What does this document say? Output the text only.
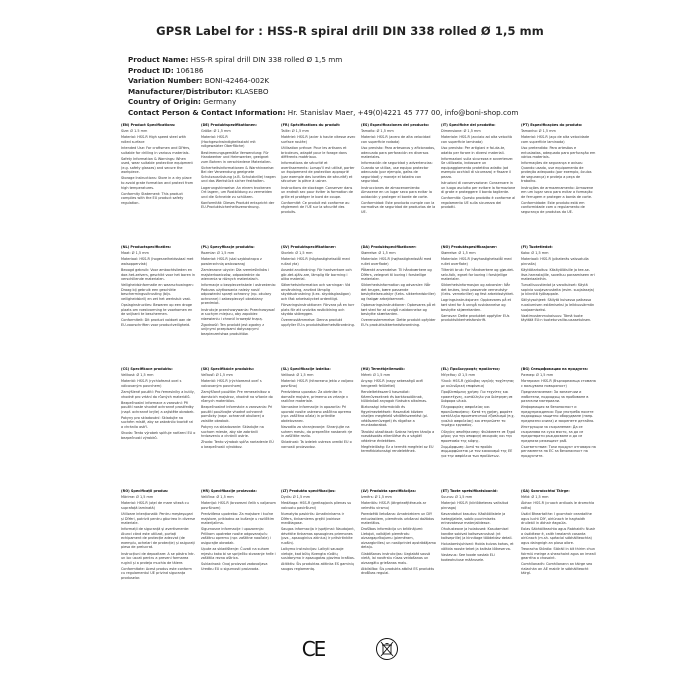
GPSR Label for : HSS-R spiral drill DIN 338 rolled Ø 1,5 mm
Product Name: HSS-R spiral drill DIN 338 rolled Ø 1,5 mm
Product ID: 106186
Variation Number: BONI-42464-002K
Manufacturer/Distributor: KLASEBO
Country of Origin: Germany
Contact Person & Contact Information: Hr. Stanislav Maer, +49(0)4221 45 777 00, info@boni-shop.com

(EN) Product Specifications:

Size: Ø 1.5 mm

Material: HSS-R High speed steel with rolled surface

Intended Use: For craftsmen and DIYers, suitable for drilling in various materials.

Safety Information & Warnings: When used, wear suitable protective equipment (e.g. safety glasses) and secure the workpiece.

Storage Instructions: Store in a dry place to avoid grate formation and protect from high temperatures.

Conformity Statement: This product complies with the EU product safety regulation.

(DE) Produktspezifikationen:

Größe: Ø 1,5 mm

Material: HSS-R (Hochgeschwindigkeitsstahl mit rollgewalzter Oberfläche)

Bestimmungsgemäße Verwendung: Für Handwerker und Heimwerker, geeignet zum Bohren in verschiedene Materialien.

Sicherheitsinformationen & Warnhinweise: Bei der Verwendung geeignete Schutzausrüstung (z.B. Schutzbrille) tragen und das Werkstück sicher festhalten.

Lagerungshinweise: An einem trockenen Ort lagern, um Rostbildung zu vermeiden und die Schneide zu schützen.

Konformität: Dieses Produkt entspricht der EU-Produktsicherheitsverordnung.

(FR) Spécifications du produit:

Taille: Ø 1,5 mm

Matériel: HSS-R (acier à haute vitesse avec surface roulée)

Utilisation prévue: Pour les artisans et bricoleurs, adapté pour le forage dans différents matériaux.

Informations de sécurité et avertissements: Lorsqu'il est utilisé, porter un équipement de protection approprié (par exemple des lunettes de sécurité) et sécuriser la pièce à usiner.

Instructions de stockage: Conserver dans un endroit sec pour éviter la formation de grille et protéger le bord de coupe.

Conformité: Ce produit est conforme au règlement de l'UE sur la sécurité des produits.

(ES) Especificaciones del producto:

Tamaño: Ø 1,5 mm

Material: HSS-R (acero de alta velocidad con superficie rodada)

Uso previsto: Para artesanos y aficionados, adecuado para perforación en diversos materiales.

Información de seguridad y advertencias: Cuando se utiliza, use equipo protector adecuado (por ejemplo, gafas de seguridad) y maneje el taladro con seguridad.

Instrucciones de almacenamiento: Almacene en un lugar seco para evitar la oxidación y proteger el borde de corte.

Conformidad: Este producto cumple con la normativa de seguridad de productos de la UE.

(IT) Specifiche del prodotto:

Dimensione: Ø 1,5 mm

Materiale: HSS-R (acciaio ad alta velocità con superficie laminata)

Uso previsto: Per artigiani e fai-da-te, adatto per forare in diversi materiali.

Informazioni sulla sicurezza e avvertenze: Se utilizzato, indossare un equipaggiamento protettivo adatto (ad esempio occhiali di sicurezza) e fissare il pezzo.

Istruzioni di conservazione: Conservare in un luogo asciutto per evitare la formazione di grate e proteggere il bordo tagliente.

Conformità: Questo prodotto è conforme al regolamento UE sulla sicurezza dei prodotti.

(PT) Especificações do produto:

Tamanho: Ø 1,5 mm

Material: HSS-R (aço de alta velocidade com superfície laminada)

Uso pretendido: Para artesãos e entusiastas, adequado para perfuração em vários materiais.

Informações de segurança e avisos: Quando usado, use equipamento de proteção adequado (por exemplo, óculos de segurança) e proteja a peça de trabalho.

Instruções de armazenamento: Armazene em um lugar seco para evitar a formação de ferrugem e proteger a borda de corte.

Conformidade: Este produto está em conformidade com o regulamento de segurança de produtos da UE.

(NL) Productspecificaties:

Maat: Ø 1,5 mm

Materiaal: HSS-R (hogesnelheidsstaal met walsoppervlak)

Beoogd gebruik: Voor ambachtslieden en doe-het-zelvers, geschikt voor het boren in verschillende materialen.

Veiligheidsinformatie en waarschuwingen: Draag bij gebruik een geschikte beschermingsuitrusting (bijv. veiligheidsbril) en zet het werkstuk vast.

Opslaginstructies: Bewaren op een droge plaats om roestvorming te voorkomen en de snijkant te beschermen.

Conformiteit: Dit product voldoet aan de EU-voorschriften voor productveiligheid.

(PL) Specyfikacje produktu:

Rozmiar: Ø 1,5 mm

Materiał: HSS-R (stal szybkotnąca z powierzchnią walcowaną)

Zamierzone użycie: Dla rzemieślników i majsterkowiczów, odpowiednie do wiercenia w różnych materiałach.

Informacje o bezpieczeństwie i ostrzeżenia: Podczas użytkowania należy nosić odpowiedni sprzęt ochronny (np. okulary ochronne) i zabezpieczyć obrabiany przedmiot.

Instrukcje przechowywania: Przechowywać w suchym miejscu, aby zapobiec rdzewieniu i chronić krawędź tnącą.

Zgodność: Ten produkt jest zgodny z unijnymi przepisami dotyczącymi bezpieczeństwa produktów.

(SV) Produktspecifikationer:

Storlek: Ø 1,5 mm

Material: HSS-R (höghastighetsstål med rullad yta)

Avsedd användning: För hantverkare och gör-det-själv-are, lämplig för borrning i olika material.

Säkerhetsinformation och varningar: Vid användning, använd lämplig skyddsutrustning (t.ex. skyddsglasögon) och fäst arbetsstycket ordentligt.

Förvaringsinstruktioner: Förvara på en torr plats för att undvika rostbildning och skydda skäreggen.

Överensstämmelse: Denna produkt uppfyller EU:s produktsäkerhetsförordning.

(DA) Produktspecifikationer:

Størrelse: Ø 1,5 mm

Materiale: HSS-R (højhastighedsstål med rullet overflade)

Påtænkt anvendelse: Til håndværkere og DIYers, velegnet til boring i forskellige materialer.

Sikkerhedsinformation og advarsler: Når det bruges, bære passende beskyttelsesudstyr (f.eks. sikkerhedsbriller) og fastgør arbejdsemnet.

Opbevaringsinstruktioner: Opbevares på et tørt sted for at undgå rustdannelse og beskytte skærkanten.

Overensstemmelse: Dette produkt opfylder EU's produktsikkerhedsforordning.

(NO) Produktspesifikasjoner:

Størrelse: Ø 1,5 mm

Materiale: HSS-R (høyhastighetsstål med rullet overflate)

Tiltenkt bruk: For håndverkere og gjør-det-selv-folk, egnet for boring i forskjellige materialer.

Sikkerhetsinformasjon og advarsler: Når det brukes, bruk passende verneutstyr (f.eks. vernebriller) og fest arbeidsstykket.

Lagringsinstruksjoner: Oppbevares på et tørt sted for å unngå rustdannelse og beskytte skjærekanten.

Samsvar: Dette produktet oppfyller EUs produktsikkerhetsforskrift.

(FI) Tuotetiedot:

Koko: Ø 1,5 mm

Materiaali: HSS-R (pikateräs valssatulla pinnalla)

Käyttötarkoitus: Käsityöläisille ja tee-se-itse-harrastajille, soveltuu poraamiseen eri materiaaleihin.

Turvallisuustiedot ja varoitukset: Käytä sopivia suojavarusteita (esim. suojalaseja) ja kiinnitä työkappale.

Säilytysohjeet: Säilytä kuivassa paikassa ruostumisen estämiseksi ja leikkuusärmän suojaamiseksi.

Vaatimustenmukaisuus: Tämä tuote täyttää EU:n tuoteturvallisuusasetuksen.

(CS) Specifikace produktu:

Velikost: Ø 1,5 mm

Materiál: HSS-R (rychlořezná ocel s válcovaným povrchem)

Zamýšlené použití: Pro řemeslníky a kutily, vhodné pro vrtání do různých materiálů.

Bezpečnostní informace a varování: Při použití noste vhodné ochranné prostředky (např. ochranné brýle) a zajistěte obrobek.

Pokyny pro skladování: Skladujte na suchém místě, aby se zabránilo tvorbě rzi a chránilo ostří.

Shoda: Tento výrobek splňuje nařízení EU o bezpečnosti výrobků.

(SK) Špecifikácie produktu:

Veľkosť: Ø 1,5 mm

Materiál: HSS-R (rýchlorezná oceľ s valcovaným povrchom)

Zamýšľané použitie: Pre remeselníkov a domácich majstrov, vhodné na vŕtanie do rôznych materiálov.

Bezpečnostné informácie a varovania: Pri použití používajte vhodné ochranné pomôcky (napr. ochranné okuliare) a zaistite obrobok.

Pokyny na skladovanie: Skladujte na suchom mieste, aby ste zabránili hrdzaveniu a chránili ostrie.

Zhoda: Tento výrobok spĺňa nariadenie EÚ o bezpečnosti výrobkov.

(SL) Specifikacije izdelka:

Velikost: Ø 1,5 mm

Material: HSS-R (hitrorezno jeklo z valjano površino)

Predvidena uporaba: Za obrtnike in domače mojstre, primerno za vrtanje v različne materiale.

Varnostne informacije in opozorila: Pri uporabi nosite ustrezno zaščitno opremo (npr. zaščitna očala) in pritrdite obdelovanec.

Navodila za shranjevanje: Shranjujte na suhem mestu, da preprečite nastanek rje in zaščitite rezilo.

Skladnost: Ta izdelek ustreza uredbi EU o varnosti proizvodov.

(HU) Termékjellemzők:

Méret: Ø 1,5 mm

Anyag: HSS-R (nagy sebességű acél hengerelt felülettel)

Rendeltetésszerű használat: Kézműveseknek és barkácsolóknak, különböző anyagok fúrására alkalmas.

Biztonsági információk és figyelmeztetések: Használat közben viseljen megfelelő védőfelszerelést (pl. védőszemüveget) és rögzítse a munkadarabot.

Tárolási utasítások: Száraz helyen tárolja a rozsdásodás elkerülése és a vágóél védelme érdekében.

Megfelelőség: Ez a termék megfelel az EU termékbiztonsági rendeletének.

(EL) Προδιαγραφές προϊόντος:

Μέγεθος: Ø 1,5 mm

Υλικό: HSS-R (χάλυβας υψηλής ταχύτητας με κυλινδρική επιφάνεια)

Προβλεπόμενη χρήση: Για τεχνίτες και ερασιτέχνες, κατάλληλο για διάτρηση σε διάφορα υλικά.

Πληροφορίες ασφαλείας και προειδοποιήσεις: Κατά τη χρήση, φοράτε κατάλληλο προστατευτικό εξοπλισμό (π.χ. γυαλιά ασφαλείας) και στερεώστε το τεμάχιο εργασίας.

Οδηγίες αποθήκευσης: Φυλάσσετε σε ξηρό μέρος για την αποφυγή σκουριάς και την προστασία της κόψης.

Συμμόρφωση: Αυτό το προϊόν συμμορφώνεται με τον κανονισμό της ΕΕ για την ασφάλεια των προϊόντων.

(BG) Спецификации на продукта:

Размер: Ø 1,5 mm

Материал: HSS-R (бързорежеща стомана с валцувана повърхност)

Предназначение: За занаятчии и любители, подходящ за пробиване в различни материали.

Информация за безопасност и предупреждения: При употреба носете подходящо защитно оборудване (напр. предпазни очила) и закрепете детайла.

Инструкции за съхранение: Да се съхранява на сухо място, за да се предотврати ръждясване и да се предпази режещият ръб.

Съответствие: Този продукт отговаря на регламента на ЕС за безопасност на продуктите.

(RO) Specificații produs:

Mărime: Ø 1,5 mm

Material: HSS-R (oțel de mare viteză cu suprafață laminată)

Utilizare intenționată: Pentru meșteșugari și DIYeri, potrivit pentru găurirea în diverse materiale.

Informații de siguranță și avertismente: Atunci când este utilizat, purtați echipament de protecție adecvat (de exemplu, ochelari de protecție) și asigurați piesa de prelucrat.

Instrucțiuni de depozitare: A se păstra într-un loc uscat pentru a preveni formarea ruginii și a proteja muchia de tăiere.

Conformitate: Acest produs este conform cu regulamentul UE privind siguranța produselor.

(HR) Specifikacije proizvoda:

Veličina: Ø 1,5 mm

Materijal: HSS-R (brzorezni čelik s valjanom površinom)

Predviđena upotreba: Za majstore i kućne majstore, prikladno za bušenje u različitim materijalima.

Sigurnosne informacije i upozorenja: Prilikom upotrebe nosite odgovarajuću zaštitnu opremu (npr. zaštitne naočale) i osigurajte obradak.

Upute za skladištenje: Čuvati na suhom mjestu kako bi se spriječilo stvaranje hrđe i zaštitila rezna oštrica.

Sukladnost: Ovaj proizvod zadovoljava Uredbu EU o sigurnosti proizvoda.

(LT) Produkto specifikacijos:

Dydis: Ø 1,5 mm

Medžiaga: HSS-R (greitapjovis plienas su valcuotu paviršiumi)

Numatyta paskirtis: Amatininkams ir DIYers, tinkamiems gręžti įvairiose medžiagose.

Saugos informacija ir įspėjimai: Naudojant, dėvėkite tinkamas apsaugines priemones (pvz., apsauginius akinius) ir pritvirtinkite ruošinį.

Laikymo instrukcijos: Laikyti sausoje vietoje, kad būtų išvengta rūdžių susidarymo ir apsaugotas pjovimo kraštas.

Atitiktis: Šis produktas atitinka ES gaminių saugos reglamentą.

(LV) Produkta specifikācijas:

Izmērs: Ø 1,5 mm

Materiāls: HSS-R (ātrgriezējtērauds ar velmētu virsmu)

Paredzētā lietošana: Amatniekiem un DIY entuziastiem, piemērots urbšanai dažādos materiālos.

Drošības informācija un brīdinājumi: Lietojot, valkājiet piemērotu aizsargaprīkojumu (piemēram, aizsargbrilles) un nostipriniet apstrādājamo detaļu.

Glabāšanas instrukcijas: Uzglabāt sausā vietā, lai novērstu rūsas veidošanos un aizsargātu griešanas malu.

Atbilstība: Šis produkts atbilst ES produktu drošības regulai.

(ET) Toote spetsifikatsioonid:

Suurus: Ø 1,5 mm

Materjal: HSS-R (kiirlõiketeras valtsitud pinnaga)

Kavandatud kasutus: Käsitöölistele ja isetegijatele, sobib puurimiseks erinevatesse materjalidesse.

Ohutusteave ja hoiatused: Kasutamisel kandke sobivat kaitsevarustust (nt kaitseprille) ja kinnitage töödeldav detail.

Hoiustamisjuhised: Hoida kuivas kohas, et vältida rooste teket ja kaitsta lõikeserva.

Vastavus: See toode vastab ELi tooteohutuse määrusele.

(GA) Sonraíochtaí Táirge:

Méid: Ø 1,5 mm

Ábhar: HSS-R (cruach ardluais le dromchla rollta)

Úsáid Bheartaithe: I gcomhair ceardaithe agus lucht DIY, oiriúnach le haghaidh druileáil in ábhair éagsúla.

Eolas Sábháilteachta agus Rabhaidh: Nuair a úsáidtear é, caith trealamh cosanta oiriúnach (m.sh. spéaclaí sábháilteachta) agus daingnigh an píosa oibre.

Treoracha Stórála: Stóráil in áit thirim chun foirmiú meirge a sheachaint agus an imeall gearrtha a chosaint.

Comhlíonadh: Comhlíonann an táirge seo rialachán an AE maidir le sábháilteacht táirgí.

CE
